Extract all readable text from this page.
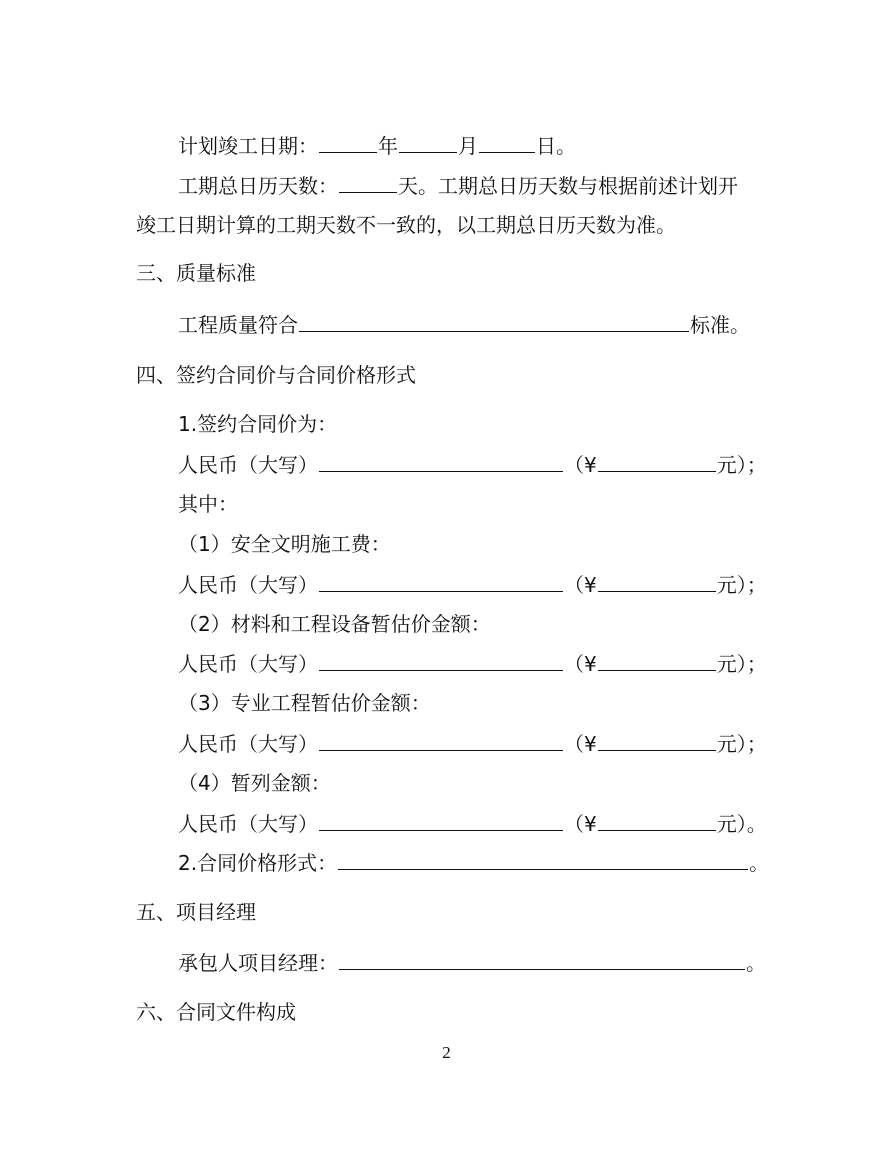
计划竣工日期：	年	月	日。
工期总日历天数：	天。工期总日历天数与根据前述计划开
竣工日期计算的工期天数不一致的，以工期总日历天数为准。
三、质量标准
工程质量符合	标准。
四、签约合同价与合同价格形式
1.签约合同价为：
人民币（大写）	（¥	元）；
其中：
（1）安全文明施工费：
人民币（大写）	（¥	元）；
（2）材料和工程设备暂估价金额：
人民币（大写）	（¥	元）；
（3）专业工程暂估价金额：
人民币（大写）	（¥	元）；
（4）暂列金额：
人民币（大写）	（¥	元）。
2.合同价格形式：	。
五、项目经理
承包人项目经理：	。
六、合同文件构成
2
